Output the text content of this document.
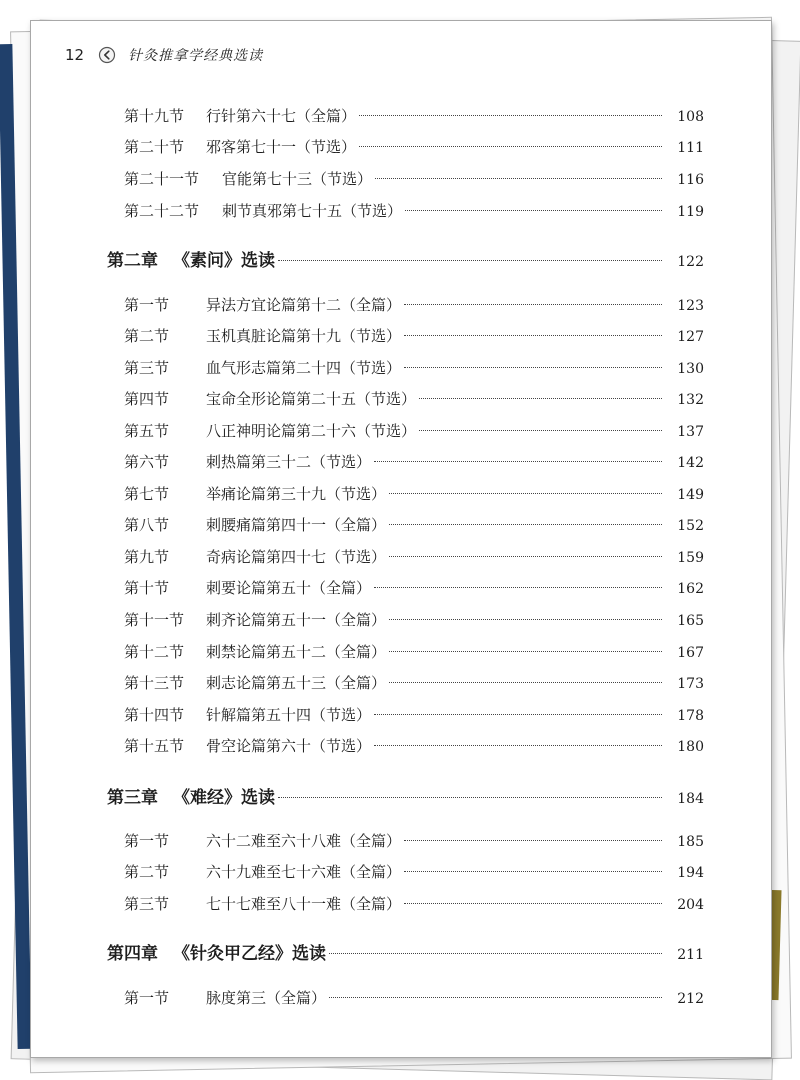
12	针灸推拿学经典选读
第十九节	行针第六十七（全篇）	108
第二十节	邪客第七十一（节选）	111
第二十一节	官能第七十三（节选）	116
第二十二节	刺节真邪第七十五（节选）	119
第二章 《素问》选读	122
第一节	异法方宜论篇第十二（全篇）	123
第二节	玉机真脏论篇第十九（节选）	127
第三节	血气形志篇第二十四（节选）	130
第四节	宝命全形论篇第二十五（节选）	132
第五节	八正神明论篇第二十六（节选）	137
第六节	刺热篇第三十二（节选）	142
第七节	举痛论篇第三十九（节选）	149
第八节	刺腰痛篇第四十一（全篇）	152
第九节	奇病论篇第四十七（节选）	159
第十节	刺要论篇第五十（全篇）	162
第十一节	刺齐论篇第五十一（全篇）	165
第十二节	刺禁论篇第五十二（全篇）	167
第十三节	刺志论篇第五十三（全篇）	173
第十四节	针解篇第五十四（节选）	178
第十五节	骨空论篇第六十（节选）	180
第三章 《难经》选读	184
第一节	六十二难至六十八难（全篇）	185
第二节	六十九难至七十六难（全篇）	194
第三节	七十七难至八十一难（全篇）	204
第四章 《针灸甲乙经》选读	211
第一节	脉度第三（全篇）	212
